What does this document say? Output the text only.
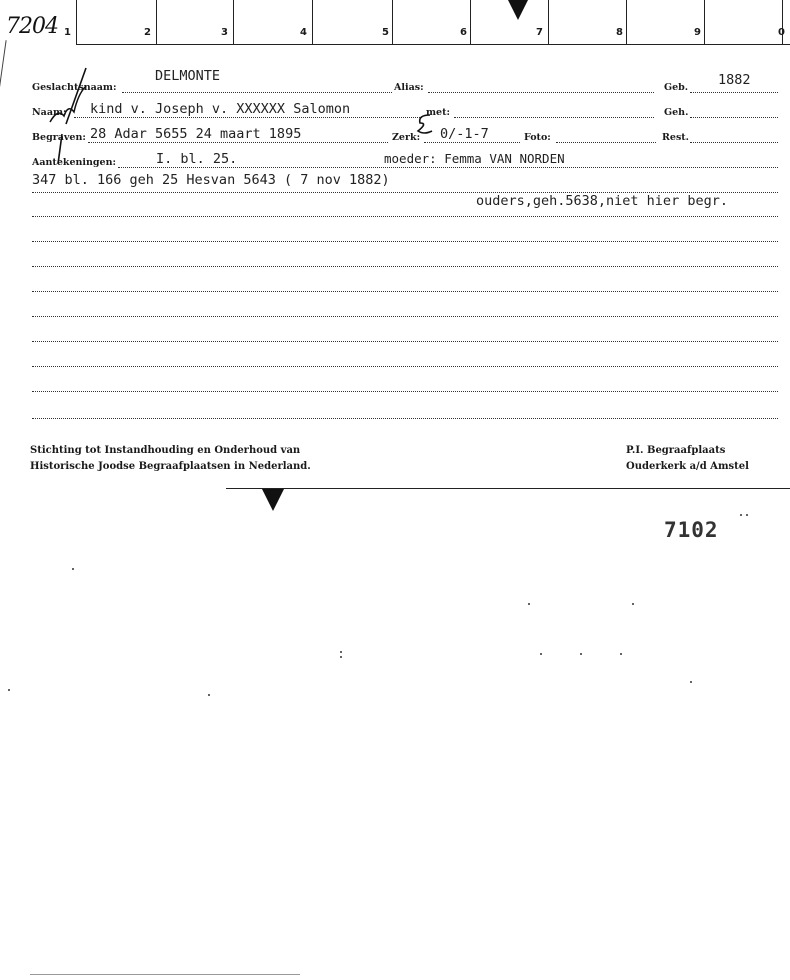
1	2	3	4	5	6	7	8	9	0
7204
Geslachtsnaam:
DELMONTE
Alias:	Geb. 1882
Naam: kind v. Joseph v. XXXXXX Salomon	met:	Geh.
Begraven: 28 Adar 5655 24 maart 1895	Zerk: 0/-1-7	Foto:	Rest.
Aantekeningen:	I. bl. 25.	moeder: Femma VAN NORDEN
347 bl. 166 geh 25 Hesvan 5643 ( 7 nov 1882)
ouders,geh.5638,niet hier begr.
Stichting tot Instandhouding en Onderhoud van
Historische Joodse Begraafplaatsen in Nederland.
P.I. Begraafplaats
Ouderkerk a/d Amstel
7102
